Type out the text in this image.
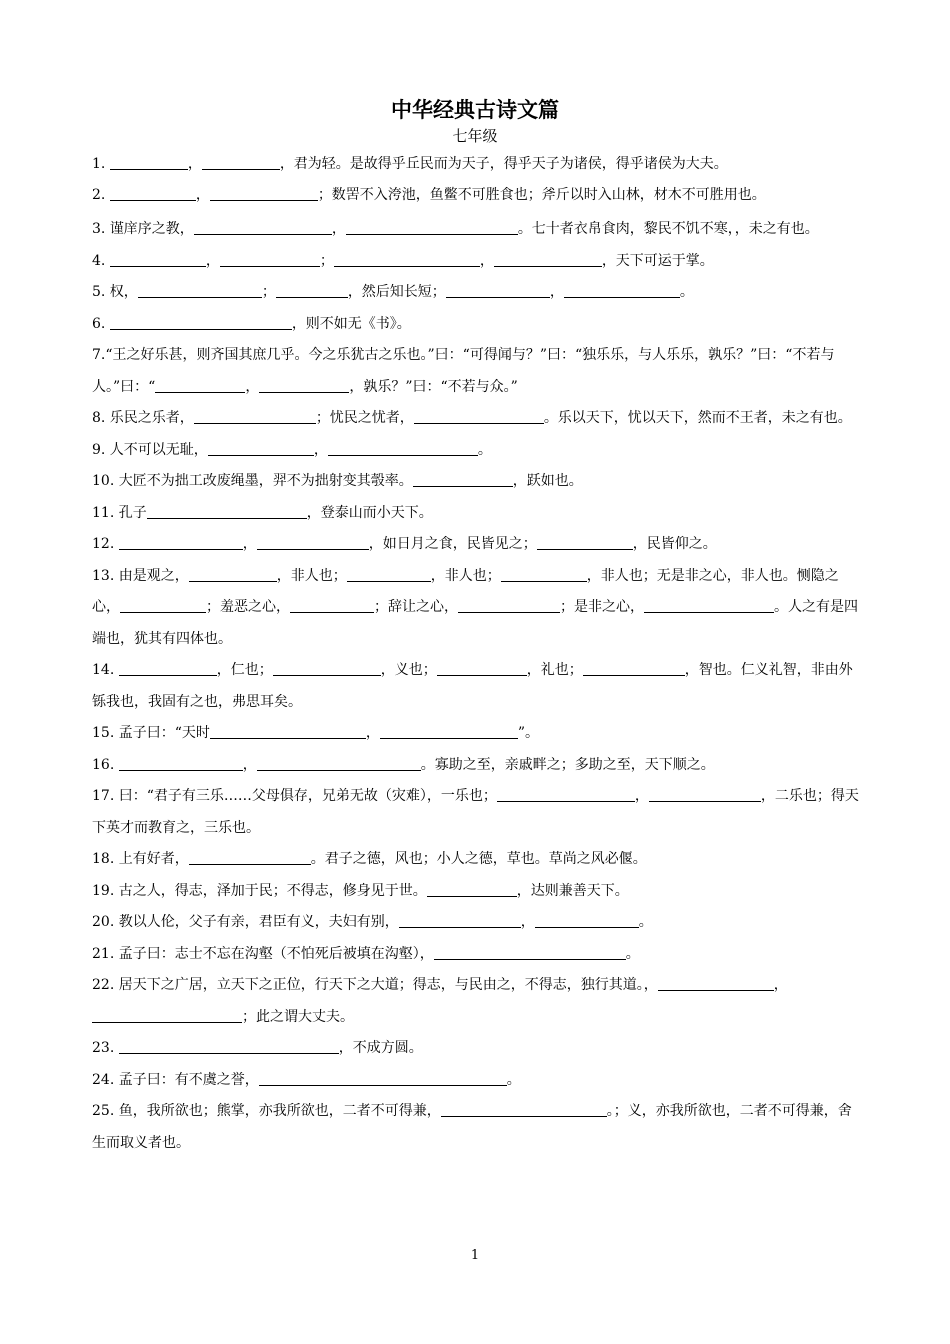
中华经典古诗文篇
七年级

1.	，	，君为轻。是故得乎丘民而为天子，得乎天子为诸侯，得乎诸侯为大夫。

2.	，	；数罟不入洿池，鱼鳖不可胜食也；斧斤以时入山林，材木不可胜用也。

3. 谨庠序之教，	，	。七十者衣帛食肉，黎民不饥不寒，，未之有也。

4.	，	；	，	，天下可运于掌。

5. 权，	；	，然后知长短；	，	。

6.	，则不如无《书》。

7.“王之好乐甚，则齐国其庶几乎。今之乐犹古之乐也。”曰：“可得闻与？”曰：“独乐乐，与人乐乐，孰乐？”曰：“不若与人。”曰：“	，	，孰乐？”曰：“不若与众。”

8. 乐民之乐者，	；忧民之忧者，	。乐以天下，忧以天下，然而不王者，未之有也。

9. 人不可以无耻，	，	。

10. 大匠不为拙工改废绳墨，羿不为拙射变其彀率。	，跃如也。

11. 孔子	，登泰山而小天下。

12.	，	，如日月之食，民皆见之；	，民皆仰之。

13. 由是观之，	，非人也；	，非人也；	，非人也；无是非之心，非人也。恻隐之心，	；羞恶之心，	；辞让之心，	；是非之心，	。人之有是四端也，犹其有四体也。

14.	，仁也；	，义也；	，礼也；	，智也。仁义礼智，非由外铄我也，我固有之也，弗思耳矣。

15. 孟子曰：“天时	，	”。

16.	，	。寡助之至，亲戚畔之；多助之至，天下顺之。

17. 曰：“君子有三乐……父母俱存，兄弟无故（灾难），一乐也；	，	，二乐也；得天下英才而教育之，三乐也。

18. 上有好者，	。君子之德，风也；小人之德，草也。草尚之风必偃。

19. 古之人，得志，泽加于民；不得志，修身见于世。	，达则兼善天下。

20. 教以人伦，父子有亲，君臣有义，夫妇有别，	，	。

21. 孟子曰：志士不忘在沟壑（不怕死后被填在沟壑），	。

22. 居天下之广居，立天下之正位，行天下之大道；得志，与民由之，不得志，独行其道。，	，；此之谓大丈夫。

23.	，不成方圆。

24. 孟子曰：有不虞之誉，	。

25. 鱼，我所欲也；熊掌，亦我所欲也，二者不可得兼，	。；义，亦我所欲也，二者不可得兼，舍生而取义者也。

1
